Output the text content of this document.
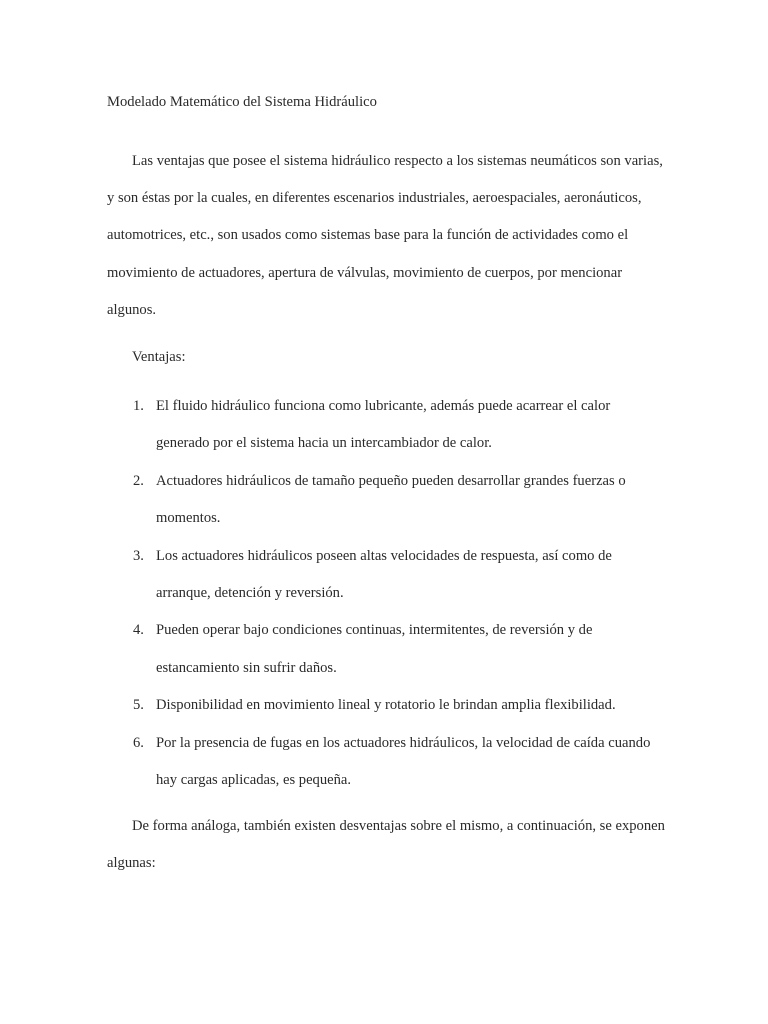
Modelado Matemático del Sistema Hidráulico

Las ventajas que posee el sistema hidráulico respecto a los sistemas neumáticos son varias, y son éstas por la cuales, en diferentes escenarios industriales, aeroespaciales, aeronáuticos, automotrices, etc., son usados como sistemas base para la función de actividades como el movimiento de actuadores, apertura de válvulas, movimiento de cuerpos, por mencionar algunos.

Ventajas:
1. El fluido hidráulico funciona como lubricante, además puede acarrear el calor generado por el sistema hacia un intercambiador de calor.
2. Actuadores hidráulicos de tamaño pequeño pueden desarrollar grandes fuerzas o momentos.
3. Los actuadores hidráulicos poseen altas velocidades de respuesta, así como de arranque, detención y reversión.
4. Pueden operar bajo condiciones continuas, intermitentes, de reversión y de estancamiento sin sufrir daños.
5. Disponibilidad en movimiento lineal y rotatorio le brindan amplia flexibilidad.
6. Por la presencia de fugas en los actuadores hidráulicos, la velocidad de caída cuando hay cargas aplicadas, es pequeña.

De forma análoga, también existen desventajas sobre el mismo, a continuación, se exponen algunas:
